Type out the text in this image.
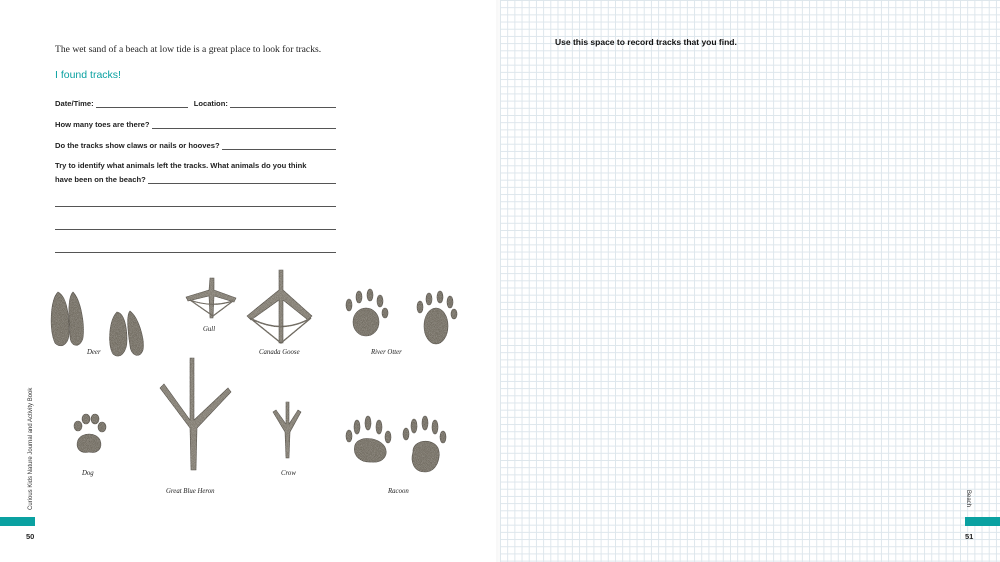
The wet sand of a beach at low tide is a great place to look for tracks.
I found tracks!
Date/Time:	Location:
How many toes are there?
Do the tracks show claws or nails or hooves?
Try to identify what animals left the tracks. What animals do you think
have been on the beach?
Deer
Gull
Canada Goose	River Otter
Dog
Great Blue Heron
Crow
Racoon
Curious Kids Nature Journal and Activity Book
50
Use this space to record tracks that you find.
Beach
51
